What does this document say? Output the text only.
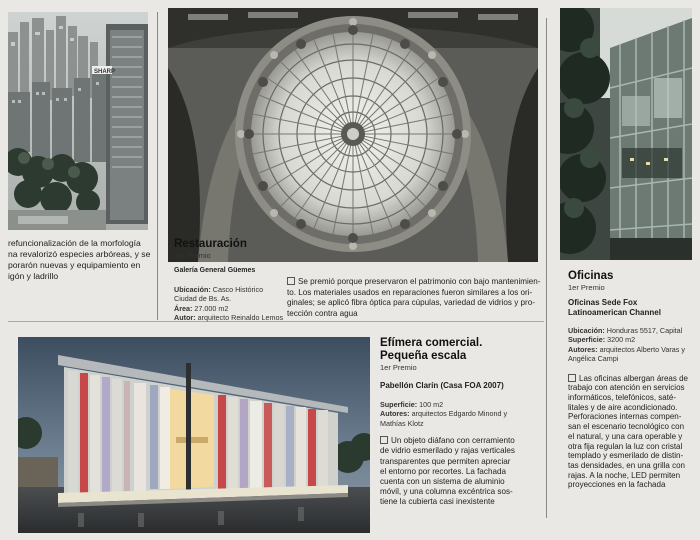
SHARP
refuncionalización de la morfología
na revalorizó especies arbóreas, y se
porarón nuevas y equipamiento en
igón y ladrillo
Restauración
1er Premio
Galería General Güemes
Ubicación: Casco Histórico
Ciudad de Bs. As.
Área: 27.000 m2
Autor: arquitecto Reinaldo Lemos
Se premió porque preservaron el patrimonio con bajo mantenimien-
to. Los materiales usados en reparaciones fueron similares a los ori-
ginales; se aplicó fibra óptica para cúpulas, variedad de vidrios y pro-
tección contra agua
Efímera comercial.
Pequeña escala
1er Premio
Pabellón Clarín (Casa FOA 2007)
Superficie: 100 m2
Autores: arquitectos Edgardo Minond y
Mathías Klotz
Un objeto diáfano con cerramiento
de vidrio esmerilado y rajas verticales
transparentes que permiten apreciar
el entorno por recortes. La fachada
cuenta con un sistema de aluminio
móvil, y una columna excéntrica sos-
tiene la cubierta casi inexistente
Oficinas
1er Premio
Oficinas Sede Fox
Latinoamerican Channel
Ubicación: Honduras 5517, Capital
Superficie: 3200 m2
Autores: arquitectos Alberto Varas y
Angélica Campi
Las oficinas albergan áreas de
trabajo con atención en servicios
informáticos, telefónicos, saté-
litales y de aire acondicionado.
Perforaciones internas compen-
san el escenario tecnológico con
el natural, y una cara operable y
otra fija regulan la luz con cristal
templado y esmerilado de distin-
tas densidades, en una grilla con
rajas. A la noche, LED permiten
proyecciones en la fachada
